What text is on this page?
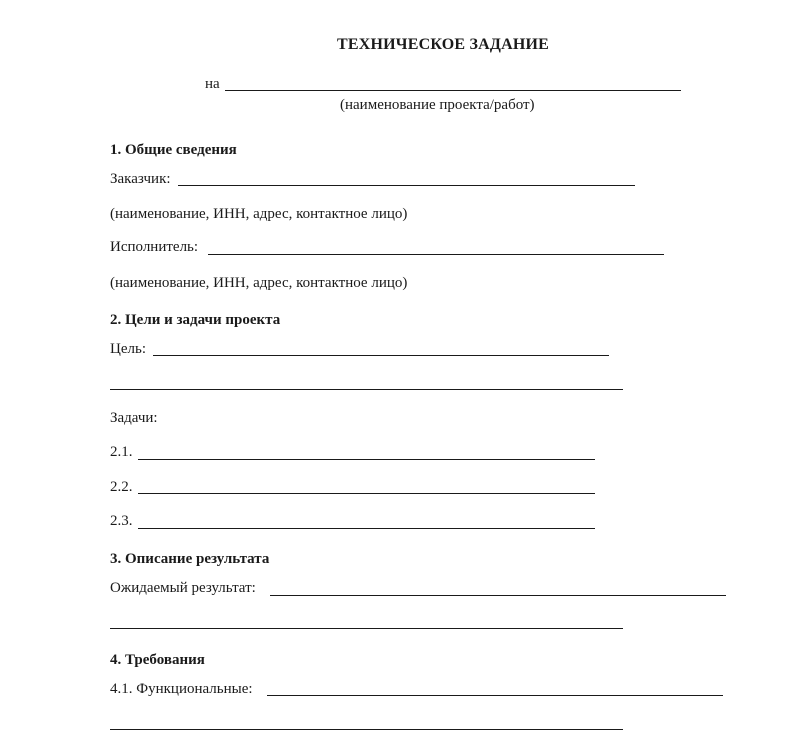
ТЕХНИЧЕСКОЕ ЗАДАНИЕ
на
(наименование проекта/работ)
1. Общие сведения
Заказчик:
(наименование, ИНН, адрес, контактное лицо)
Исполнитель:
(наименование, ИНН, адрес, контактное лицо)
2. Цели и задачи проекта
Цель:
Задачи:
2.1.
2.2.
2.3.
3. Описание результата
Ожидаемый результат:
4. Требования
4.1. Функциональные:
